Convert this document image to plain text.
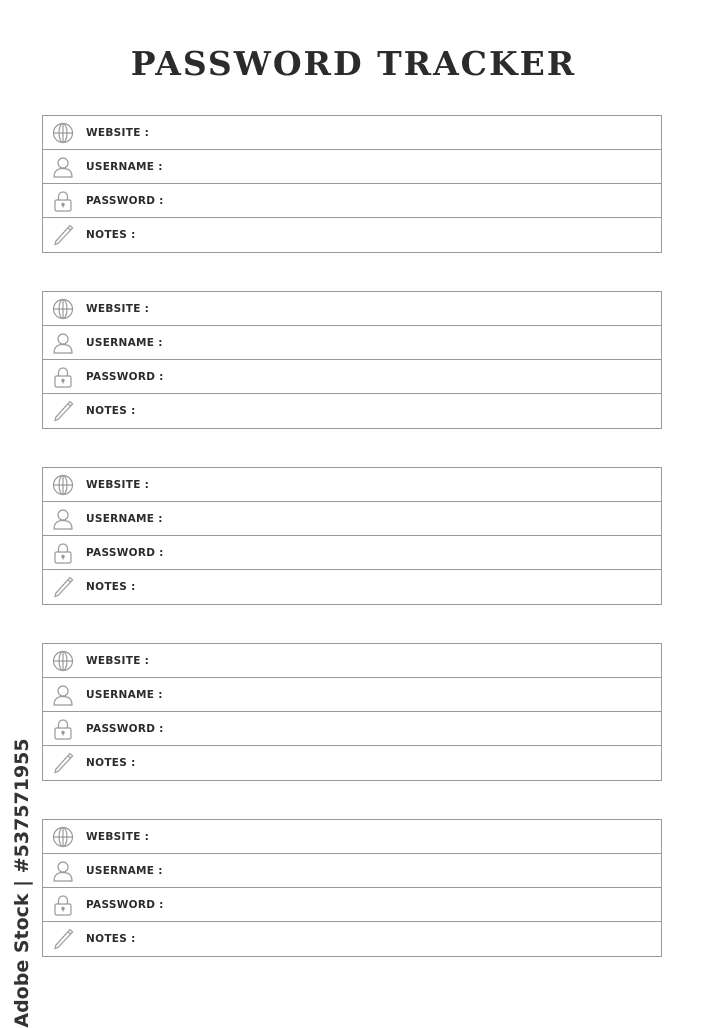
PASSWORD TRACKER
WEBSITE :
USERNAME :
PASSWORD :
NOTES :
WEBSITE :
USERNAME :
PASSWORD :
NOTES :
WEBSITE :
USERNAME :
PASSWORD :
NOTES :
WEBSITE :
USERNAME :
PASSWORD :
NOTES :
WEBSITE :
USERNAME :
PASSWORD :
NOTES :
Adobe Stock | #537571955
